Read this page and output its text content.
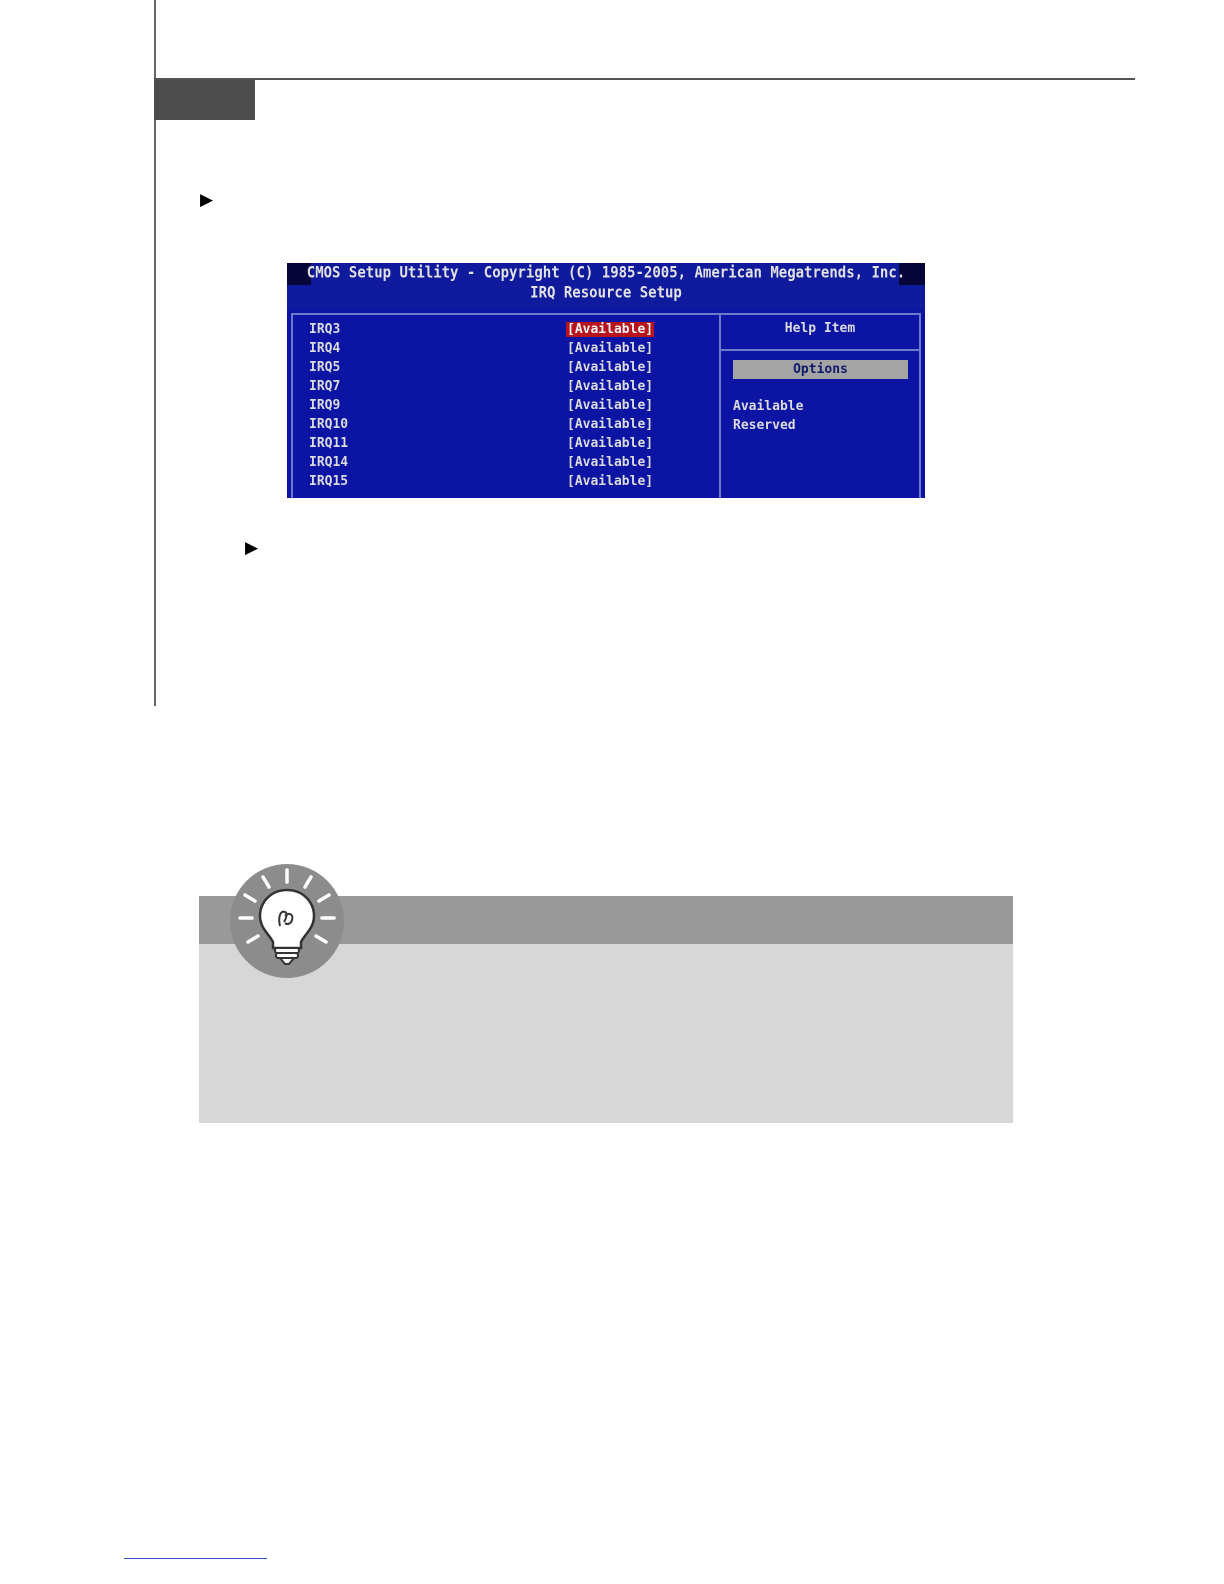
▶
▶
CMOS Setup Utility - Copyright (C) 1985-2005, American Megatrends, Inc.
IRQ Resource Setup
IRQ3	[Available]
IRQ4	[Available]
IRQ5	[Available]
IRQ7	[Available]
IRQ9	[Available]
IRQ10	[Available]
IRQ11	[Available]
IRQ14	[Available]
IRQ15	[Available]
Help Item
Options
Available
Reserved
